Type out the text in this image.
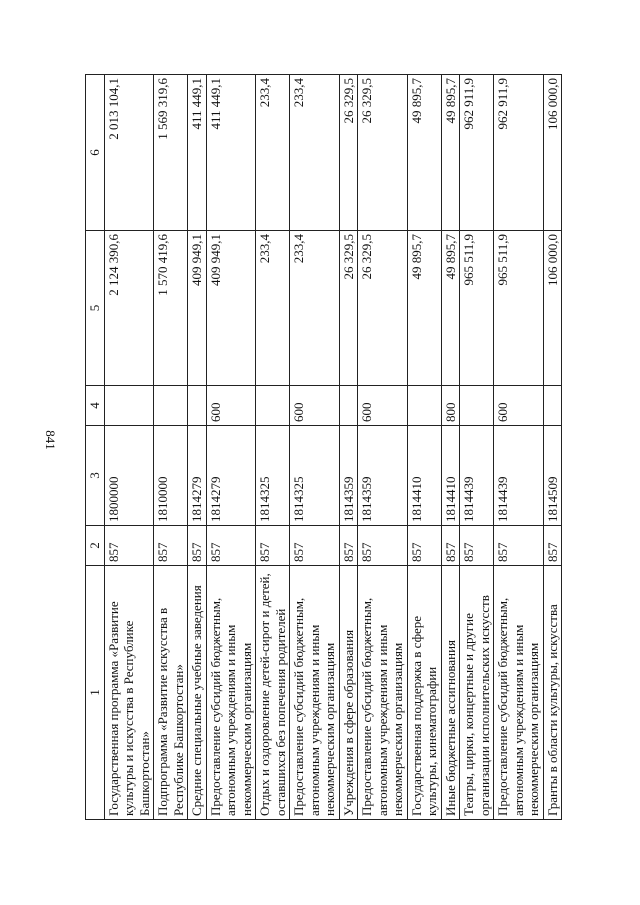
841
1	2	3	4	5	6
Государственная программа «Развитие культуры и искусства в Республике Башкортостан»	857	1800000		2 124 390,6	2 013 104,1
Подпрограмма «Развитие искусства в Республике Башкортостан»	857	1810000		1 570 419,6	1 569 319,6
Средние специальные учебные заведения	857	1814279		409 949,1	411 449,1
Предоставление субсидий бюджетным, автономным учреждениям и иным некоммерческим организациям	857	1814279	600	409 949,1	411 449,1
Отдых и оздоровление детей-сирот и детей, оставшихся без попечения родителей	857	1814325		233,4	233,4
Предоставление субсидий бюджетным, автономным учреждениям и иным некоммерческим организациям	857	1814325	600	233,4	233,4
Учреждения в сфере образования	857	1814359		26 329,5	26 329,5
Предоставление субсидий бюджетным, автономным учреждениям и иным некоммерческим организациям	857	1814359	600	26 329,5	26 329,5
Государственная поддержка в сфере культуры, кинематографии	857	1814410		49 895,7	49 895,7
Иные бюджетные ассигнования	857	1814410	800	49 895,7	49 895,7
Театры, цирки, концертные и другие организации исполнительских искусств	857	1814439		965 511,9	962 911,9
Предоставление субсидий бюджетным, автономным учреждениям и иным некоммерческим организациям	857	1814439	600	965 511,9	962 911,9
Гранты в области культуры, искусства	857	1814509		106 000,0	106 000,0
